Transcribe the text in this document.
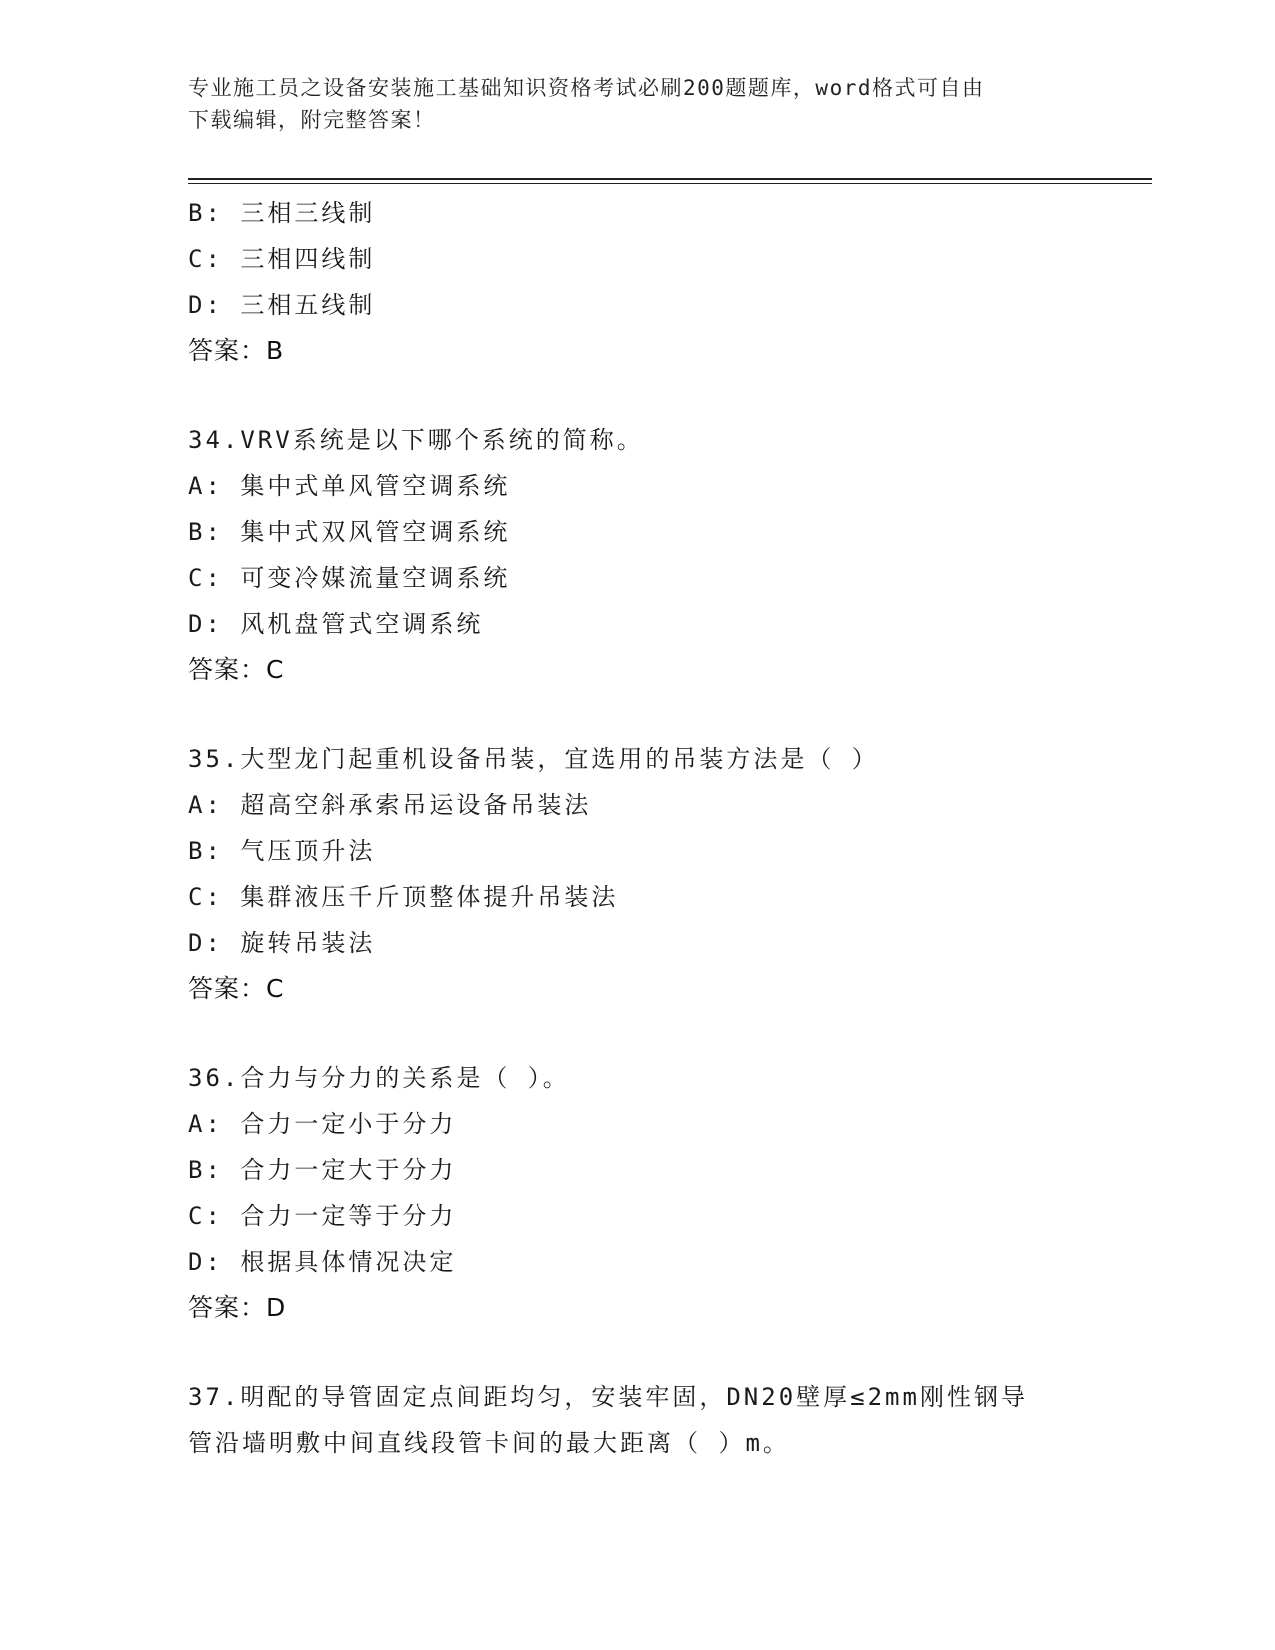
专业施工员之设备安装施工基础知识资格考试必刷200题题库，word格式可自由
下载编辑，附完整答案！
B: 三相三线制
C: 三相四线制
D: 三相五线制
答案：B
34.VRV系统是以下哪个系统的简称。
A: 集中式单风管空调系统
B: 集中式双风管空调系统
C: 可变冷媒流量空调系统
D: 风机盘管式空调系统
答案：C
35.大型龙门起重机设备吊装，宜选用的吊装方法是（ ）
A: 超高空斜承索吊运设备吊装法
B: 气压顶升法
C: 集群液压千斤顶整体提升吊装法
D: 旋转吊装法
答案：C
36.合力与分力的关系是（ ）。
A: 合力一定小于分力
B: 合力一定大于分力
C: 合力一定等于分力
D: 根据具体情况决定
答案：D
37.明配的导管固定点间距均匀，安装牢固，DN20壁厚≤2mm刚性钢导
管沿墙明敷中间直线段管卡间的最大距离（ ）m。
